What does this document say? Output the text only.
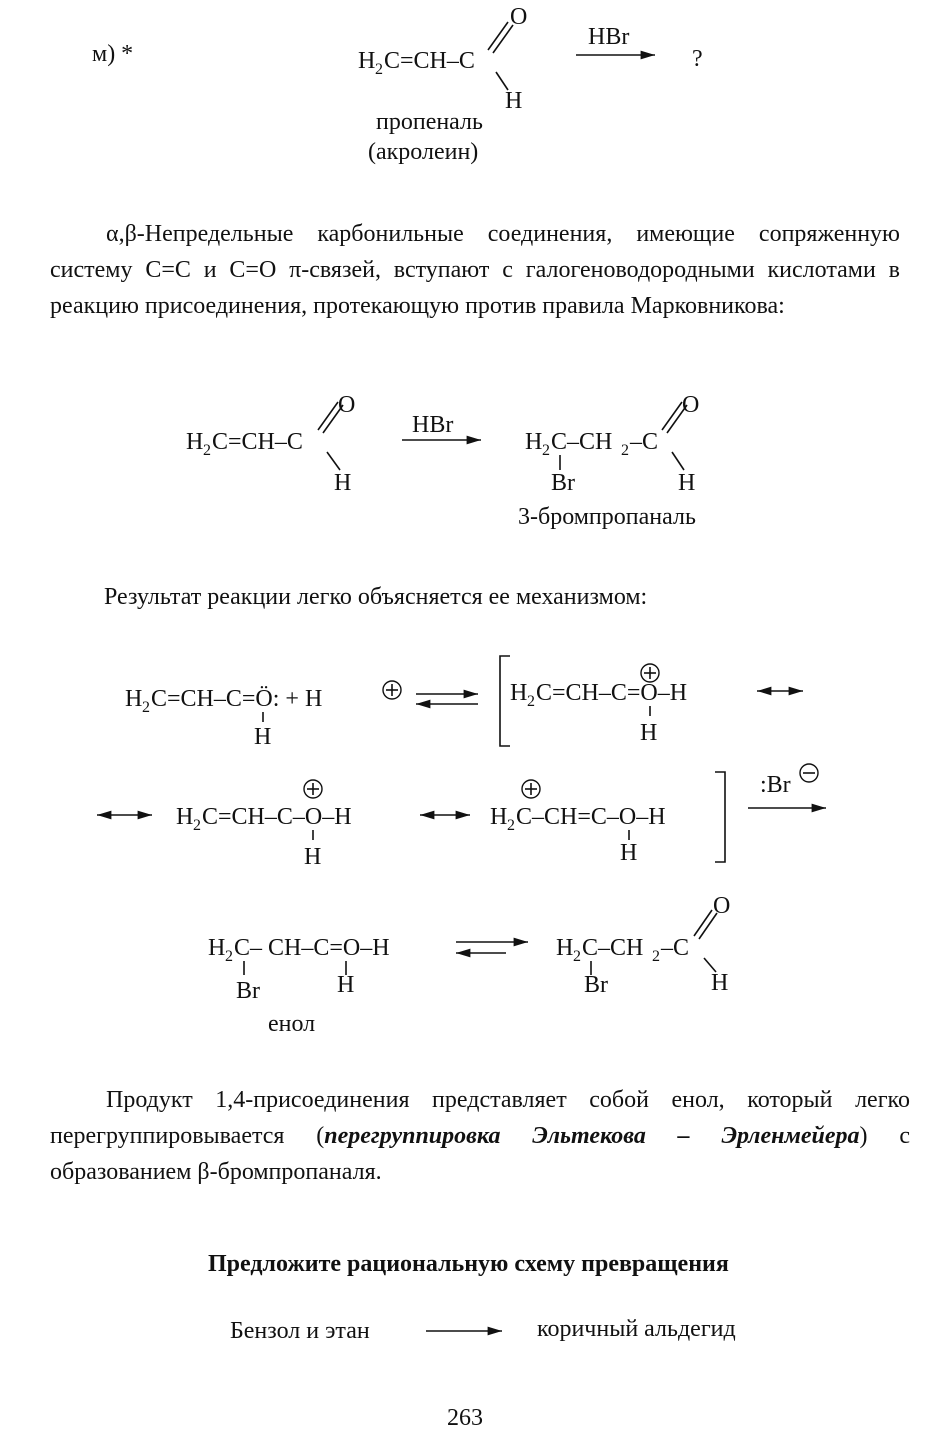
м) *
пропеналь
(акролеин)
α,β-Непредельные карбонильные соединения, имеющие сопряженную систему C=C и C=O π-связей, вступают с галогеноводородными кислотами в реакцию присоединения, протекающую против правила Марковникова:
3-бромпропаналь
Результат реакции легко объясняется ее механизмом:
енол
Продукт 1,4-присоединения представляет собой енол, который легко перегруппировывается (перегруппировка Эльтекова – Эрленмейера) с образованием β-бромпропаналя.
Предложите рациональную схему превращения
Бензол и этан	коричный альдегид
263
H 2 C=CH–C
O
H
HBr
?
H 2 C=CH–C
O
H
HBr
H 2 C–CH 2 –C
Br
O
H
H 2 C=CH–C=Ö: + H
H
H 2 C=CH–C=O–H
H
H 2 C=CH–C–O–H
H
H 2 C–CH=C–O–H
H
:Br
H 2 C– CH–C=O–H
Br	H
H 2 C–CH 2 –C
Br
O
H
